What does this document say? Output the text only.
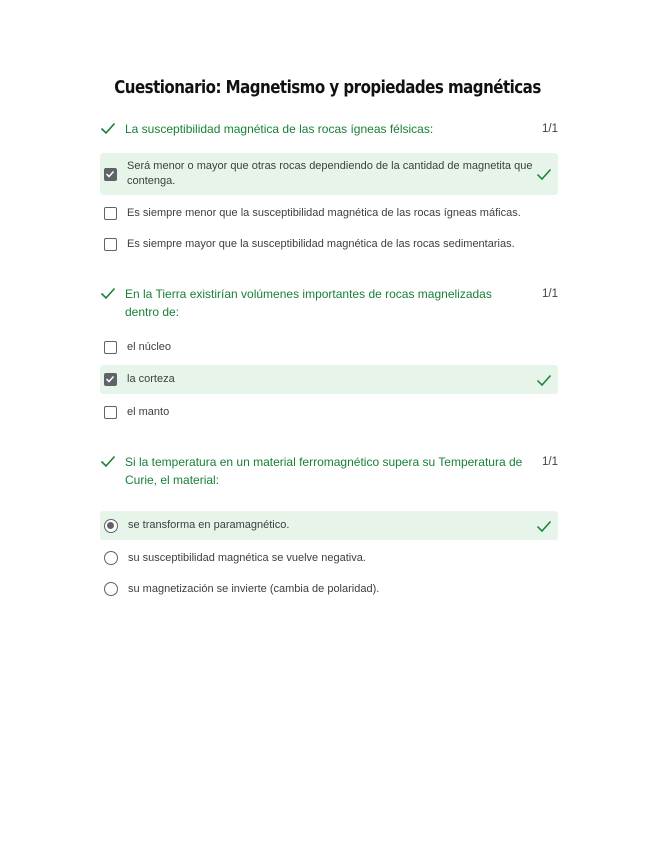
Cuestionario: Magnetismo y propiedades magnéticas
La susceptibilidad magnética de las rocas ígneas félsicas:	1/1
Será menor o mayor que otras rocas dependiendo de la cantidad de magnetita que contenga.
Es siempre menor que la susceptibilidad magnética de las rocas ígneas máficas.
Es siempre mayor que la susceptibilidad magnética de las rocas sedimentarias.
En la Tierra existirían volúmenes importantes de rocas magnelizadas dentro de:
1/1
el núcleo
la corteza
el manto
Si la temperatura en un material ferromagnético supera su Temperatura de Curie, el material:
1/1
se transforma en paramagnético.
su susceptibilidad magnética se vuelve negativa.
su magnetización se invierte (cambia de polaridad).
